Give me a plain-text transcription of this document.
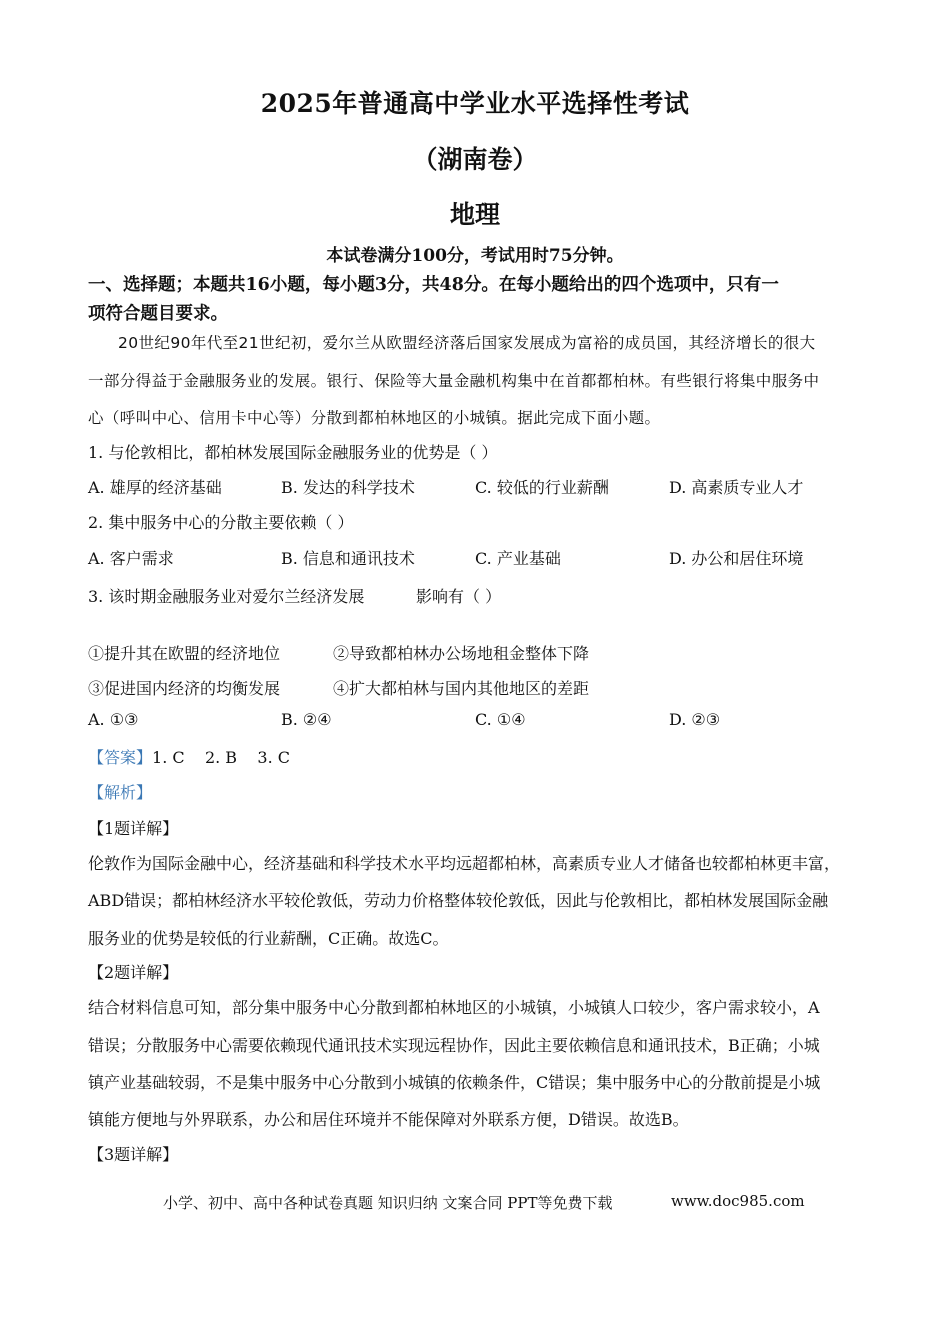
2025年普通高中学业水平选择性考试
（湖南卷）
地理
本试卷满分100分，考试用时75分钟。
一、选择题；本题共16小题，每小题3分，共48分。在每小题给出的四个选项中，只有一
项符合题目要求。
20世纪90年代至21世纪初，爱尔兰从欧盟经济落后国家发展成为富裕的成员国，其经济增长的很大
一部分得益于金融服务业的发展。银行、保险等大量金融机构集中在首都都柏林。有些银行将集中服务中
心（呼叫中心、信用卡中心等）分散到都柏林地区的小城镇。据此完成下面小题。
1. 与伦敦相比，都柏林发展国际金融服务业的优势是（ ）
A. 雄厚的经济基础	B. 发达的科学技术	C. 较低的行业薪酬	D. 高素质专业人才
2. 集中服务中心的分散主要依赖（ ）
A. 客户需求	B. 信息和通讯技术	C. 产业基础	D. 办公和居住环境
3. 该时期金融服务业对爱尔兰经济发展	影响有（ ）
①提升其在欧盟的经济地位	②导致都柏林办公场地租金整体下降
③促进国内经济的均衡发展	④扩大都柏林与国内其他地区的差距
A. ①③	B. ②④	C. ①④	D. ②③
【答案】1. C    2. B    3. C
【解析】
【1题详解】
伦敦作为国际金融中心，经济基础和科学技术水平均远超都柏林，高素质专业人才储备也较都柏林更丰富，
ABD错误；都柏林经济水平较伦敦低，劳动力价格整体较伦敦低，因此与伦敦相比，都柏林发展国际金融
服务业的优势是较低的行业薪酬，C正确。故选C。
【2题详解】
结合材料信息可知，部分集中服务中心分散到都柏林地区的小城镇，小城镇人口较少，客户需求较小，A
错误；分散服务中心需要依赖现代通讯技术实现远程协作，因此主要依赖信息和通讯技术，B正确；小城
镇产业基础较弱，不是集中服务中心分散到小城镇的依赖条件，C错误；集中服务中心的分散前提是小城
镇能方便地与外界联系，办公和居住环境并不能保障对外联系方便，D错误。故选B。
【3题详解】
小学、初中、高中各种试卷真题 知识归纳 文案合同 PPT等免费下载	www.doc985.com
